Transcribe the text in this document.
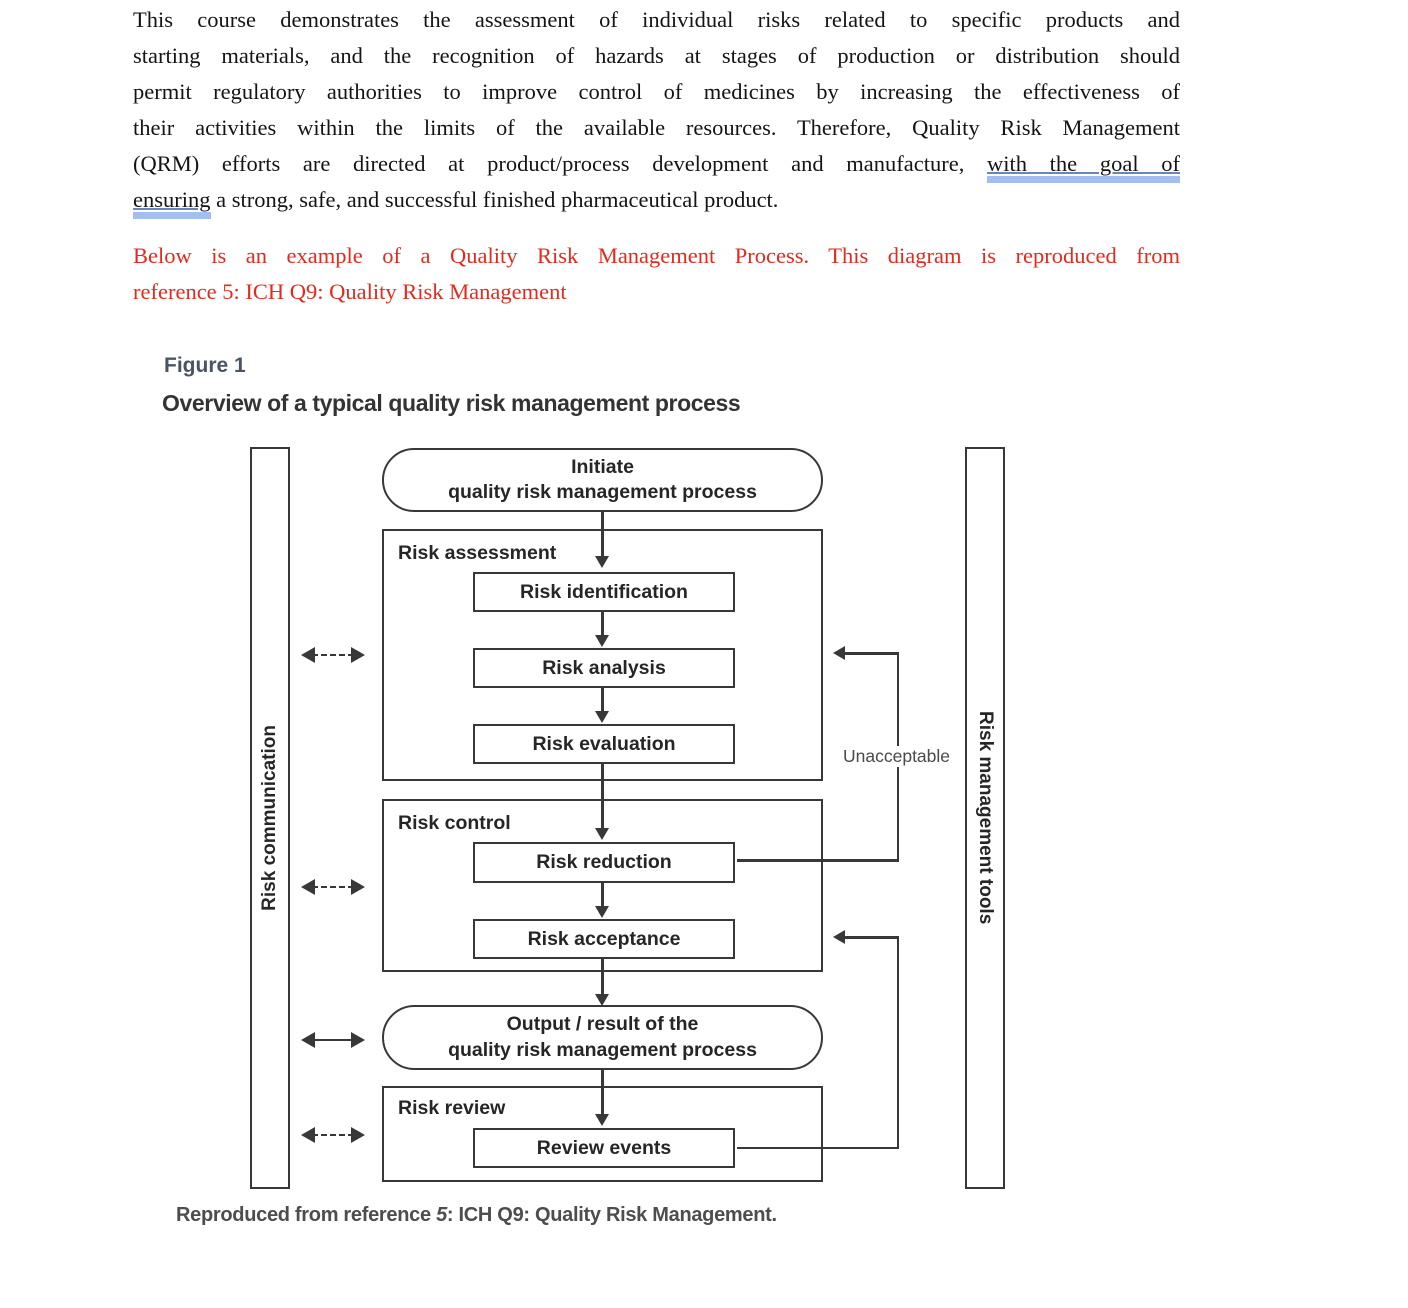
This course demonstrates the assessment of individual risks related to specific products and
starting materials, and the recognition of hazards at stages of production or distribution should
permit regulatory authorities to improve control of medicines by increasing the effectiveness of
their activities within the limits of the available resources. Therefore, Quality Risk Management
(QRM) efforts are directed at product/process development and manufacture, with the goal of
ensuring a strong, safe, and successful finished pharmaceutical product.
Below is an example of a Quality Risk Management Process. This diagram is reproduced from
reference 5: ICH Q9: Quality Risk Management
Figure 1
Overview of a typical quality risk management process
Risk communication	Risk management tools
Initiate
quality risk management process
Risk assessment
Risk identification
Risk analysis
Risk evaluation
Risk control
Risk reduction
Risk acceptance
Output / result of the
quality risk management process
Risk review
Review events
Unacceptable
Reproduced from reference 5: ICH Q9: Quality Risk Management.
